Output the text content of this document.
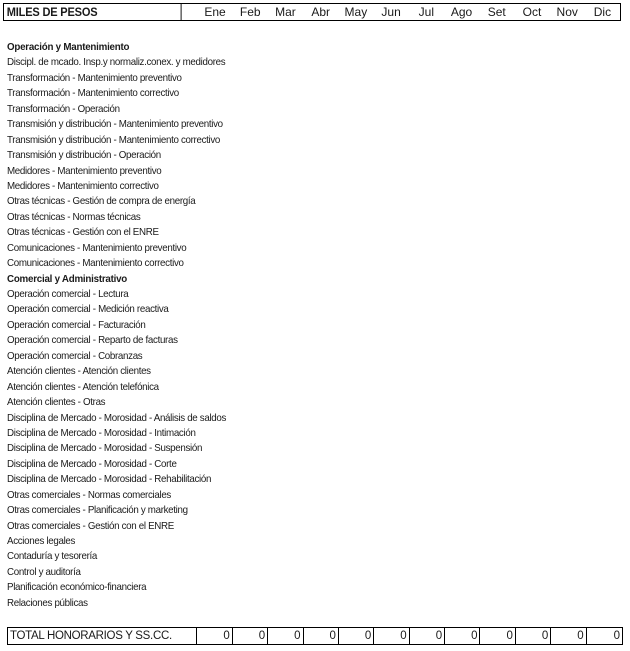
MILES DE PESOS	Ene	Feb	Mar	Abr	May	Jun	Jul	Ago	Set	Oct	Nov	Dic
Operación y Mantenimiento
Discipl. de mcado. Insp.y normaliz.conex. y medidores
Transformación - Mantenimiento preventivo
Transformación - Mantenimiento correctivo
Transformación - Operación
Transmisión y distribución - Mantenimiento preventivo
Transmisión y distribución - Mantenimiento correctivo
Transmisión y distribución - Operación
Medidores - Mantenimiento preventivo
Medidores - Mantenimiento correctivo
Otras técnicas - Gestión de compra de energía
Otras técnicas - Normas técnicas
Otras técnicas - Gestión con el ENRE
Comunicaciones - Mantenimiento preventivo
Comunicaciones - Mantenimiento correctivo
Comercial y Administrativo
Operación comercial - Lectura
Operación comercial - Medición reactiva
Operación comercial - Facturación
Operación comercial - Reparto de facturas
Operación comercial - Cobranzas
Atención clientes - Atención clientes
Atención clientes - Atención telefónica
Atención clientes - Otras
Disciplina de Mercado - Morosidad - Análisis de saldos
Disciplina de Mercado - Morosidad - Intimación
Disciplina de Mercado - Morosidad - Suspensión
Disciplina de Mercado - Morosidad - Corte
Disciplina de Mercado - Morosidad - Rehabilitación
Otras comerciales - Normas comerciales
Otras comerciales - Planificación y marketing
Otras comerciales - Gestión con el ENRE
Acciones legales
Contaduría y tesorería
Control y auditoría
Planificación económico-financiera
Relaciones públicas
TOTAL HONORARIOS Y SS.CC.	0	0	0	0	0	0	0	0	0	0	0	0
